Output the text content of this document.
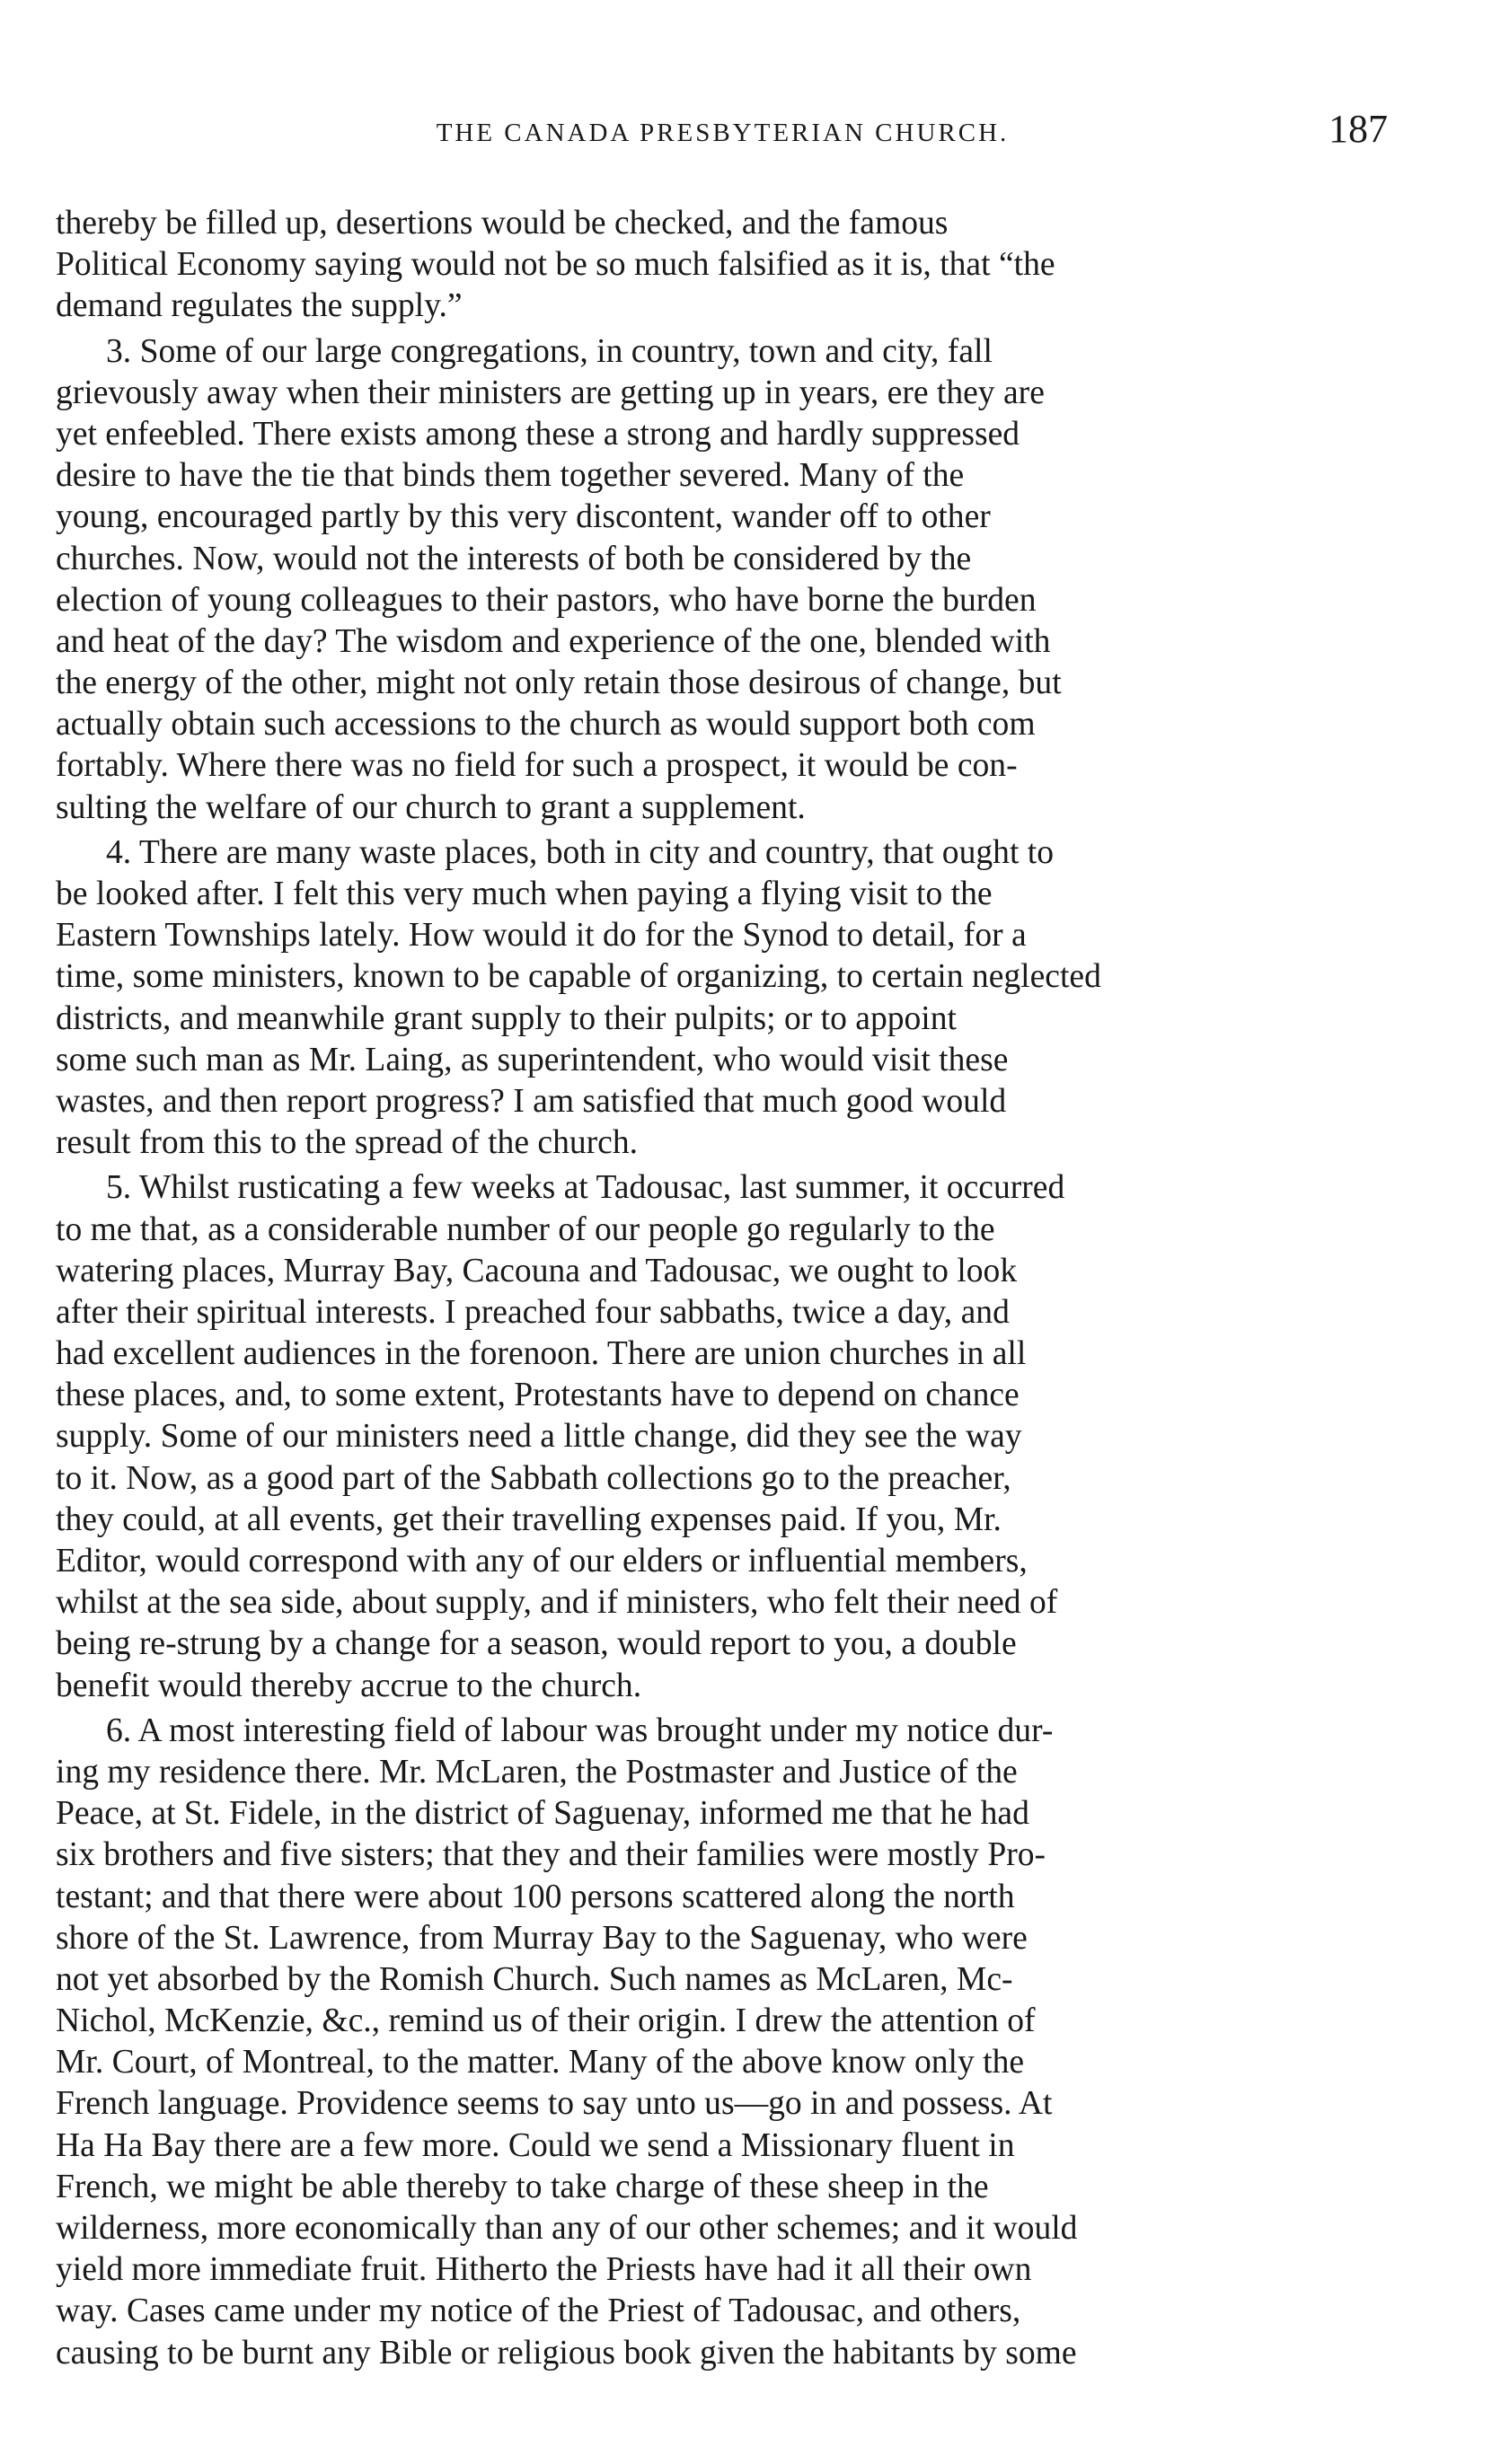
THE CANADA PRESBYTERIAN CHURCH.	187
thereby be filled up, desertions would be checked, and the famous
Political Economy saying would not be so much falsified as it is, that “the
demand regulates the supply.”
3. Some of our large congregations, in country, town and city, fall
grievously away when their ministers are getting up in years, ere they are
yet enfeebled. There exists among these a strong and hardly suppressed
desire to have the tie that binds them together severed. Many of the
young, encouraged partly by this very discontent, wander off to other
churches. Now, would not the interests of both be considered by the
election of young colleagues to their pastors, who have borne the burden
and heat of the day? The wisdom and experience of the one, blended with
the energy of the other, might not only retain those desirous of change, but
actually obtain such accessions to the church as would support both com
fortably. Where there was no field for such a prospect, it would be con-
sulting the welfare of our church to grant a supplement.
4. There are many waste places, both in city and country, that ought to
be looked after. I felt this very much when paying a flying visit to the
Eastern Townships lately. How would it do for the Synod to detail, for a
time, some ministers, known to be capable of organizing, to certain neglected
districts, and meanwhile grant supply to their pulpits; or to appoint
some such man as Mr. Laing, as superintendent, who would visit these
wastes, and then report progress? I am satisfied that much good would
result from this to the spread of the church.
5. Whilst rusticating a few weeks at Tadousac, last summer, it occurred
to me that, as a considerable number of our people go regularly to the
watering places, Murray Bay, Cacouna and Tadousac, we ought to look
after their spiritual interests. I preached four sabbaths, twice a day, and
had excellent audiences in the forenoon. There are union churches in all
these places, and, to some extent, Protestants have to depend on chance
supply. Some of our ministers need a little change, did they see the way
to it. Now, as a good part of the Sabbath collections go to the preacher,
they could, at all events, get their travelling expenses paid. If you, Mr.
Editor, would correspond with any of our elders or influential members,
whilst at the sea side, about supply, and if ministers, who felt their need of
being re-strung by a change for a season, would report to you, a double
benefit would thereby accrue to the church.
6. A most interesting field of labour was brought under my notice dur-
ing my residence there. Mr. McLaren, the Postmaster and Justice of the
Peace, at St. Fidele, in the district of Saguenay, informed me that he had
six brothers and five sisters; that they and their families were mostly Pro-
testant; and that there were about 100 persons scattered along the north
shore of the St. Lawrence, from Murray Bay to the Saguenay, who were
not yet absorbed by the Romish Church. Such names as McLaren, Mc-
Nichol, McKenzie, &c., remind us of their origin. I drew the attention of
Mr. Court, of Montreal, to the matter. Many of the above know only the
French language. Providence seems to say unto us—go in and possess. At
Ha Ha Bay there are a few more. Could we send a Missionary fluent in
French, we might be able thereby to take charge of these sheep in the
wilderness, more economically than any of our other schemes; and it would
yield more immediate fruit. Hitherto the Priests have had it all their own
way. Cases came under my notice of the Priest of Tadousac, and others,
causing to be burnt any Bible or religious book given the habitants by some
